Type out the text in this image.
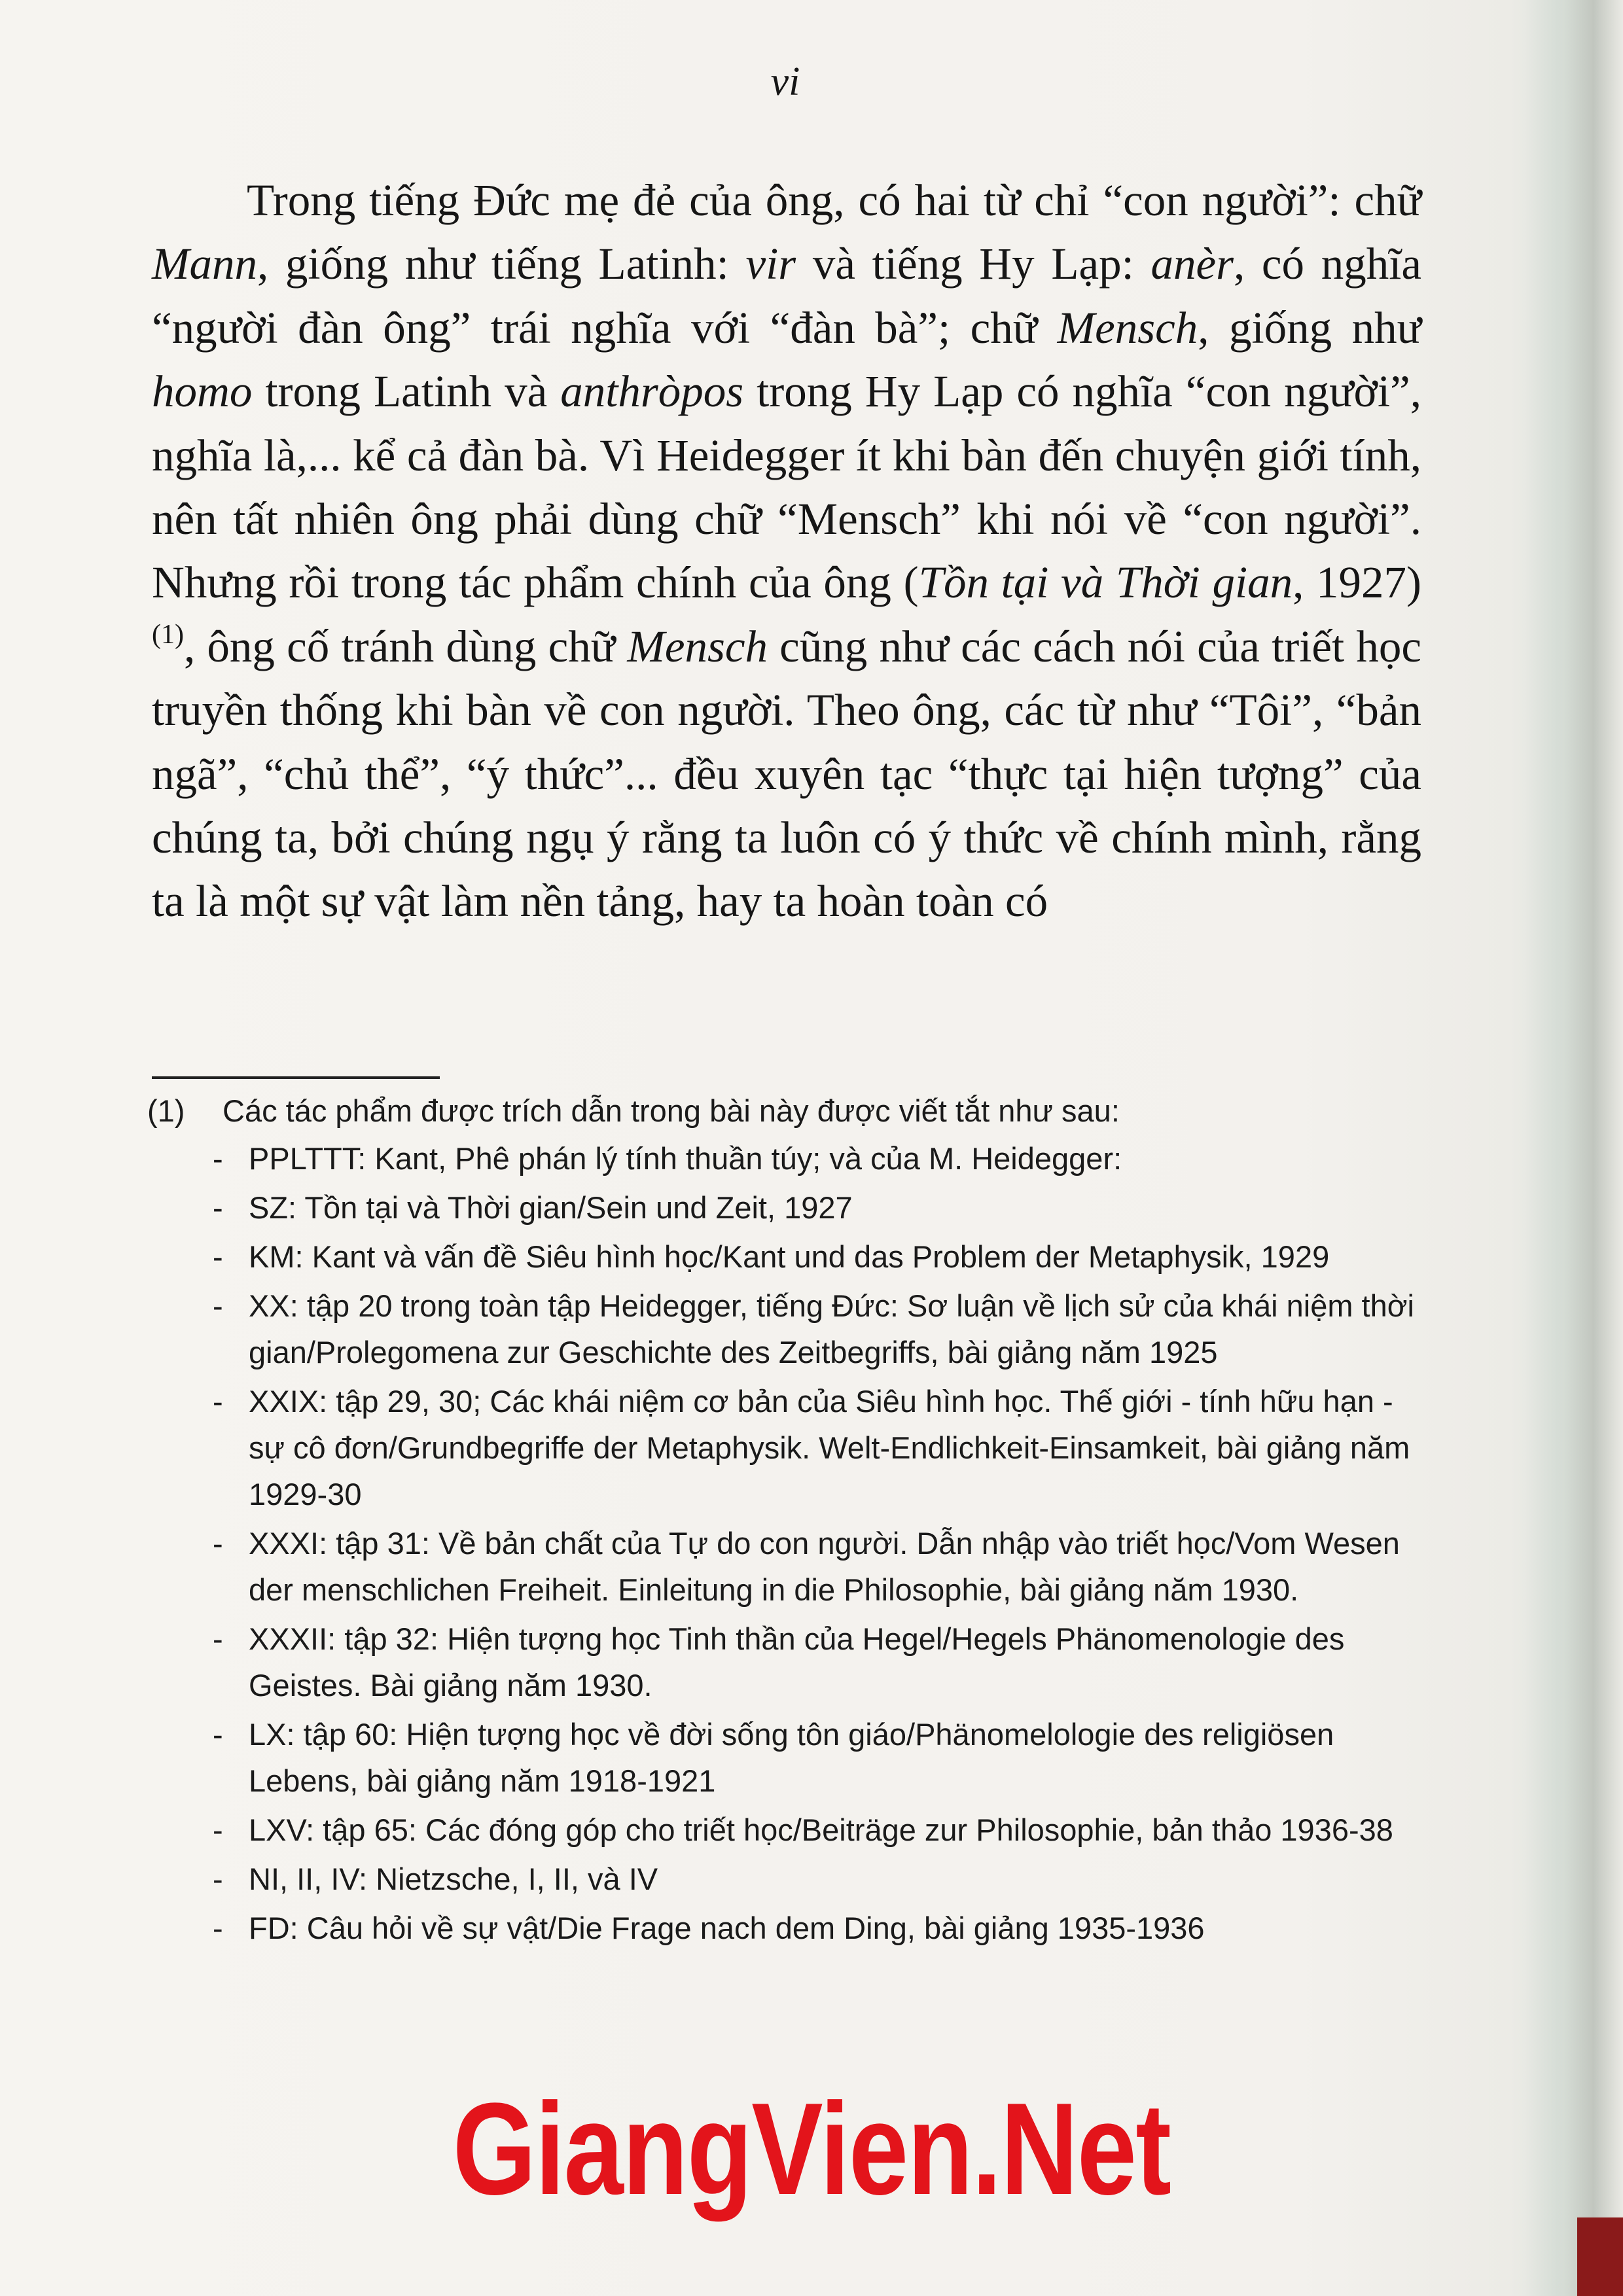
vi

Trong tiếng Đức mẹ đẻ của ông, có hai từ chỉ “con người”: chữ Mann, giống như tiếng Latinh: vir và tiếng Hy Lạp: anèr, có nghĩa “người đàn ông” trái nghĩa với “đàn bà”; chữ Mensch, giống như homo trong Latinh và anthròpos trong Hy Lạp có nghĩa “con người”, nghĩa là,... kể cả đàn bà. Vì Heidegger ít khi bàn đến chuyện giới tính, nên tất nhiên ông phải dùng chữ “Mensch” khi nói về “con người”. Nhưng rồi trong tác phẩm chính của ông (Tồn tại và Thời gian, 1927)$^{(1)}$, ông cố tránh dùng chữ Mensch cũng như các cách nói của triết học truyền thống khi bàn về con người. Theo ông, các từ như “Tôi”, “bản ngã”, “chủ thể”, “ý thức”... đều xuyên tạc “thực tại hiện tượng” của chúng ta, bởi chúng ngụ ý rằng ta luôn có ý thức về chính mình, rằng ta là một sự vật làm nền tảng, hay ta hoàn toàn có

(1)	Các tác phẩm được trích dẫn trong bài này được viết tắt như sau:
- PPLTTT: Kant, Phê phán lý tính thuần túy; và của M. Heidegger:
- SZ: Tồn tại và Thời gian/Sein und Zeit, 1927
- KM: Kant và vấn đề Siêu hình học/Kant und das Problem der Metaphysik, 1929
- XX: tập 20 trong toàn tập Heidegger, tiếng Đức: Sơ luận về lịch sử của khái niệm thời gian/Prolegomena zur Geschichte des Zeitbegriffs, bài giảng năm 1925
- XXIX: tập 29, 30; Các khái niệm cơ bản của Siêu hình học. Thế giới - tính hữu hạn - sự cô đơn/Grundbegriffe der Metaphysik. Welt-Endlichkeit-Einsamkeit, bài giảng năm 1929-30
- XXXI: tập 31: Về bản chất của Tự do con người. Dẫn nhập vào triết học/Vom Wesen der menschlichen Freiheit. Einleitung in die Philosophie, bài giảng năm 1930.
- XXXII: tập 32: Hiện tượng học Tinh thần của Hegel/Hegels Phänomenologie des Geistes. Bài giảng năm 1930.
- LX: tập 60: Hiện tượng học về đời sống tôn giáo/Phänomelologie des religiösen Lebens, bài giảng năm 1918-1921
- LXV: tập 65: Các đóng góp cho triết học/Beiträge zur Philosophie, bản thảo 1936-38
- NI, II, IV: Nietzsche, I, II, và IV
- FD: Câu hỏi về sự vật/Die Frage nach dem Ding, bài giảng 1935-1936
GiangVien.Net
